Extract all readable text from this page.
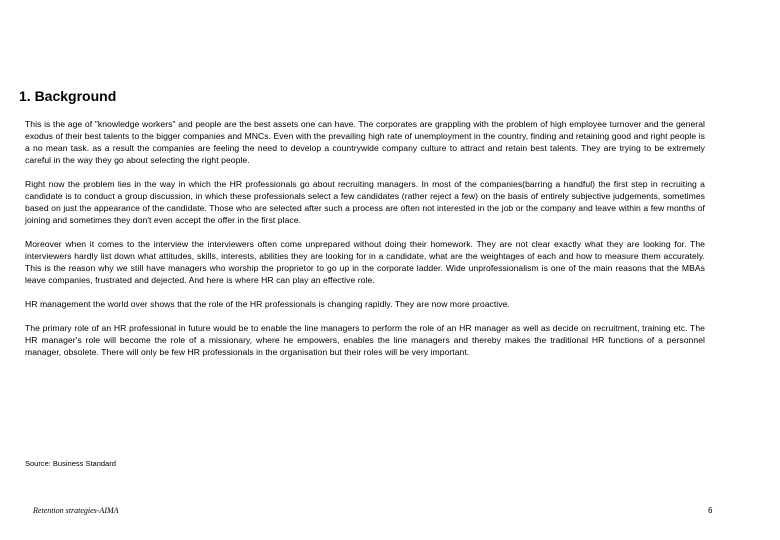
1. Background

This is the age of "knowledge workers" and people are the best assets one can have. The corporates are grappling with the problem of high employee turnover and the general exodus of their best talents to the bigger companies and MNCs. Even with the prevailing high rate of unemployment in the country, finding and retaining good and right people is a no mean task. as a result the companies are feeling the need to develop a countrywide company culture to attract and retain best talents. They are trying to be extremely careful in the way they go about selecting the right people.

Right now the problem lies in the way in which the HR professionals go about recruiting managers. In most of the companies(barring a handful) the first step in recruiting a candidate is to conduct a group discussion, in which these professionals select a few candidates (rather reject a few) on the basis of entirely subjective judgements, sometimes based on just the appearance of the candidate. Those who are selected after such a process are often not interested in the job or the company and leave within a few months of joining and sometimes they don't even accept the offer in the first place.

Moreover when it comes to the interview the interviewers often come unprepared without doing their homework. They are not clear exactly what they are looking for. The interviewers hardly list down what attitudes, skills, interests, abilities they are looking for in a candidate, what are the weightages of each and how to measure them accurately. This is the reason why we still have managers who worship the proprietor to go up in the corporate ladder. Wide unprofessionalism is one of the main reasons that the MBAs leave companies, frustrated and dejected. And here is where HR can play an effective role.

HR management the world over shows that the role of the HR professionals is changing rapidly. They are now more proactive.

The primary role of an HR professional in future would be to enable the line managers to perform the role of an HR manager as well as decide on recruitment, training etc. The HR manager's role will become the role of a missionary, where he empowers, enables the line managers and thereby makes the traditional HR functions of a personnel manager, obsolete. There will only be few HR professionals in the organisation but their roles will be very important.

Source: Business Standard
Retention strategies-AIMA	6
